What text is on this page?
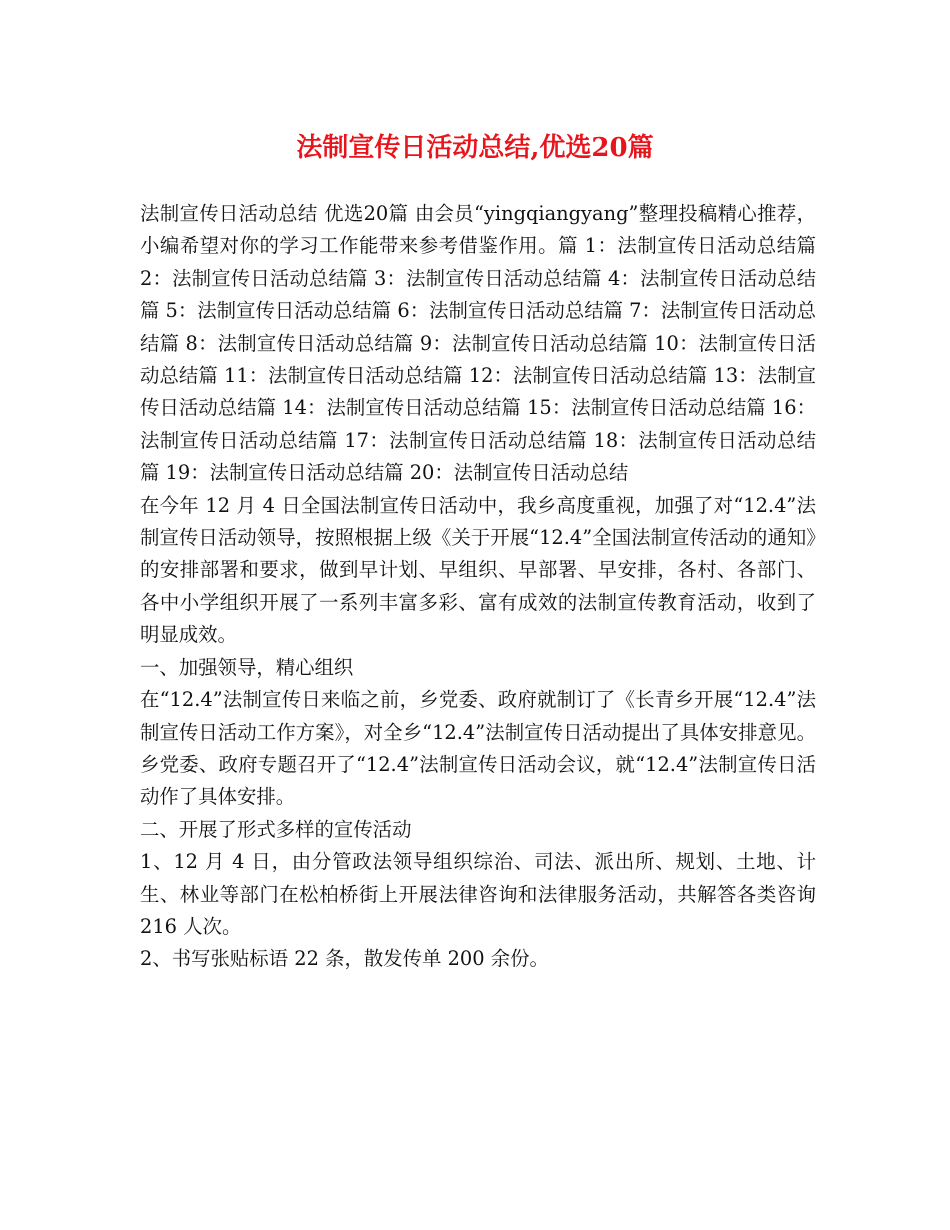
法制宣传日活动总结,优选20篇

法制宣传日活动总结 优选20篇 由会员“yingqiangyang”整理投稿精心推荐，小编希望对你的学习工作能带来参考借鉴作用。篇 1：法制宣传日活动总结篇 2：法制宣传日活动总结篇 3：法制宣传日活动总结篇 4：法制宣传日活动总结篇 5：法制宣传日活动总结篇 6：法制宣传日活动总结篇 7：法制宣传日活动总结篇 8：法制宣传日活动总结篇 9：法制宣传日活动总结篇 10：法制宣传日活动总结篇 11：法制宣传日活动总结篇 12：法制宣传日活动总结篇 13：法制宣传日活动总结篇 14：法制宣传日活动总结篇 15：法制宣传日活动总结篇 16：法制宣传日活动总结篇 17：法制宣传日活动总结篇 18：法制宣传日活动总结篇 19：法制宣传日活动总结篇 20：法制宣传日活动总结

在今年 12 月 4 日全国法制宣传日活动中，我乡高度重视，加强了对“12.4”法制宣传日活动领导，按照根据上级《关于开展“12.4”全国法制宣传活动的通知》的安排部署和要求，做到早计划、早组织、早部署、早安排，各村、各部门、各中小学组织开展了一系列丰富多彩、富有成效的法制宣传教育活动，收到了明显成效。

一、加强领导，精心组织

在“12.4”法制宣传日来临之前，乡党委、政府就制订了《长青乡开展“12.4”法制宣传日活动工作方案》，对全乡“12.4”法制宣传日活动提出了具体安排意见。乡党委、政府专题召开了“12.4”法制宣传日活动会议，就“12.4”法制宣传日活动作了具体安排。

二、开展了形式多样的宣传活动

1、12 月 4 日，由分管政法领导组织综治、司法、派出所、规划、土地、计生、林业等部门在松柏桥街上开展法律咨询和法律服务活动，共解答各类咨询 216 人次。

2、书写张贴标语 22 条，散发传单 200 余份。
